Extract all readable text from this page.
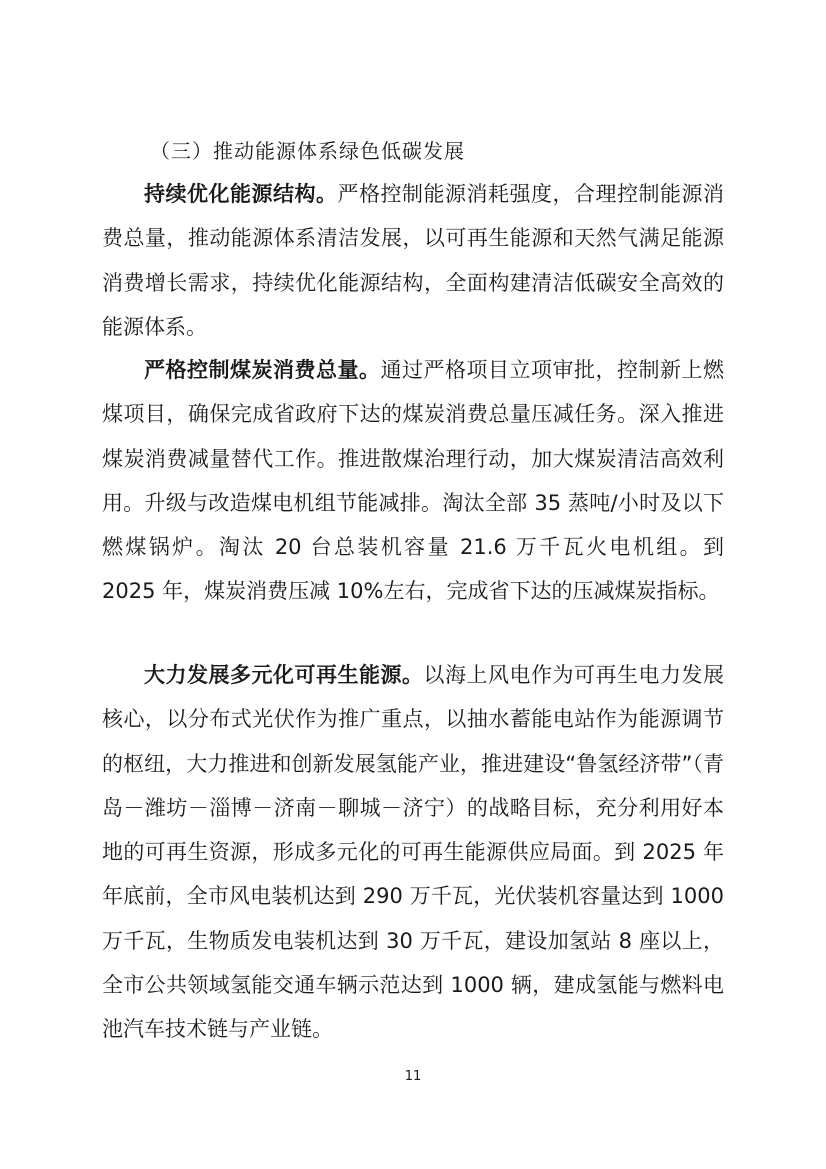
（三）推动能源体系绿色低碳发展

持续优化能源结构。严格控制能源消耗强度，合理控制能源消费总量，推动能源体系清洁发展，以可再生能源和天然气满足能源消费增长需求，持续优化能源结构，全面构建清洁低碳安全高效的能源体系。

严格控制煤炭消费总量。通过严格项目立项审批，控制新上燃煤项目，确保完成省政府下达的煤炭消费总量压减任务。深入推进煤炭消费减量替代工作。推进散煤治理行动，加大煤炭清洁高效利用。升级与改造煤电机组节能减排。淘汰全部 35 蒸吨/小时及以下燃煤锅炉。淘汰 20 台总装机容量 21.6 万千瓦火电机组。到 2025 年，煤炭消费压减 10%左右，完成省下达的压减煤炭指标。

大力发展多元化可再生能源。以海上风电作为可再生电力发展核心，以分布式光伏作为推广重点，以抽水蓄能电站作为能源调节的枢纽，大力推进和创新发展氢能产业，推进建设“鲁氢经济带”（青岛－潍坊－淄博－济南－聊城－济宁）的战略目标，充分利用好本地的可再生资源，形成多元化的可再生能源供应局面。到 2025 年年底前，全市风电装机达到 290 万千瓦，光伏装机容量达到 1000 万千瓦，生物质发电装机达到 30 万千瓦，建设加氢站 8 座以上，全市公共领域氢能交通车辆示范达到 1000 辆，建成氢能与燃料电池汽车技术链与产业链。

11
